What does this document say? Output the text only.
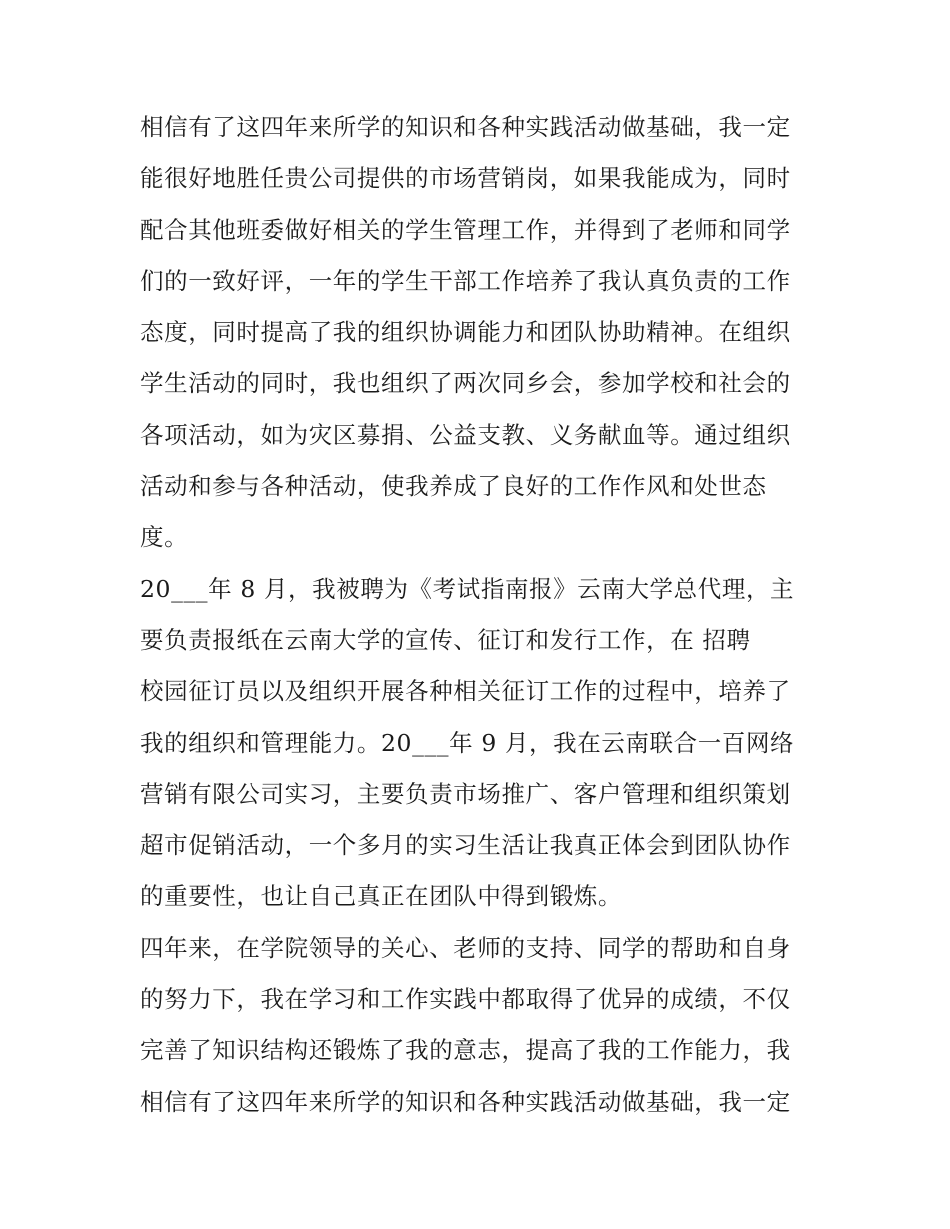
相信有了这四年来所学的知识和各种实践活动做基础，我一定
能很好地胜任贵公司提供的市场营销岗，如果我能成为，同时
配合其他班委做好相关的学生管理工作，并得到了老师和同学
们的一致好评，一年的学生干部工作培养了我认真负责的工作
态度，同时提高了我的组织协调能力和团队协助精神。在组织
学生活动的同时，我也组织了两次同乡会，参加学校和社会的
各项活动，如为灾区募捐、公益支教、义务献血等。通过组织
活动和参与各种活动，使我养成了良好的工作作风和处世态
度。
20___年 8 月，我被聘为《考试指南报》云南大学总代理，主
要负责报纸在云南大学的宣传、征订和发行工作，在 招聘
校园征订员以及组织开展各种相关征订工作的过程中，培养了
我的组织和管理能力。20___年 9 月，我在云南联合一百网络
营销有限公司实习，主要负责市场推广、客户管理和组织策划
超市促销活动，一个多月的实习生活让我真正体会到团队协作
的重要性，也让自己真正在团队中得到锻炼。
四年来，在学院领导的关心、老师的支持、同学的帮助和自身
的努力下，我在学习和工作实践中都取得了优异的成绩，不仅
完善了知识结构还锻炼了我的意志，提高了我的工作能力，我
相信有了这四年来所学的知识和各种实践活动做基础，我一定
